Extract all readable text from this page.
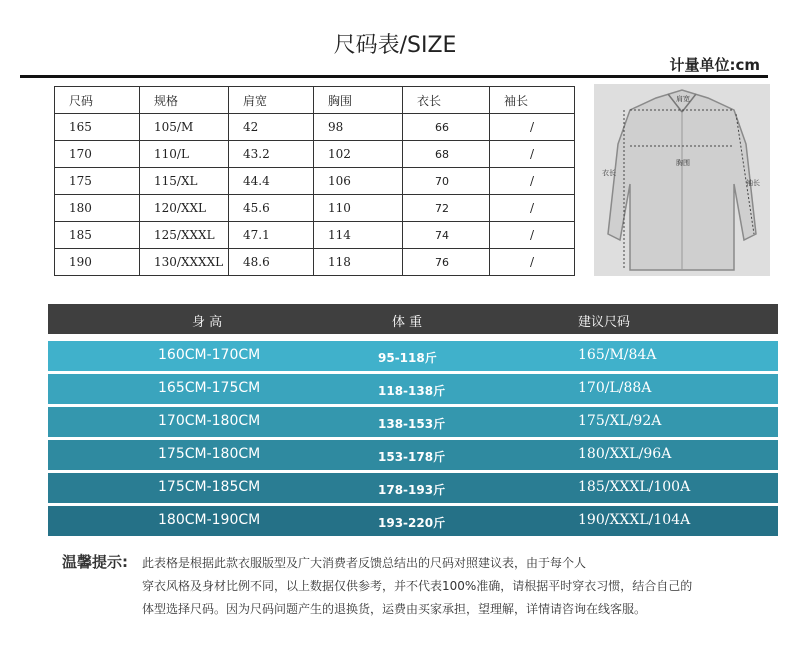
尺码表/SIZE
计量单位:cm
尺码	规格	肩宽	胸围	衣长	袖长
165	105/M	42	98	66	/
170	110/L	43.2	102	68	/
175	115/XL	44.4	106	70	/
180	120/XXL	45.6	110	72	/
185	125/XXXL	47.1	114	74	/
190	130/XXXXL	48.6	118	76	/
肩宽
胸围
衣长
袖长
身 高	体 重	建议尺码
160CM-170CM	95-118斤	165/M/84A
165CM-175CM	118-138斤	170/L/88A
170CM-180CM	138-153斤	175/XL/92A
175CM-180CM	153-178斤	180/XXL/96A
175CM-185CM	178-193斤	185/XXXL/100A
180CM-190CM	193-220斤	190/XXXL/104A
温馨提示: 此表格是根据此款衣服版型及广大消费者反馈总结出的尺码对照建议表，由于每个人
穿衣风格及身材比例不同，以上数据仅供参考，并不代表100%准确，请根据平时穿衣习惯，结合自己的
体型选择尺码。因为尺码问题产生的退换货，运费由买家承担，望理解，详情请咨询在线客服。
